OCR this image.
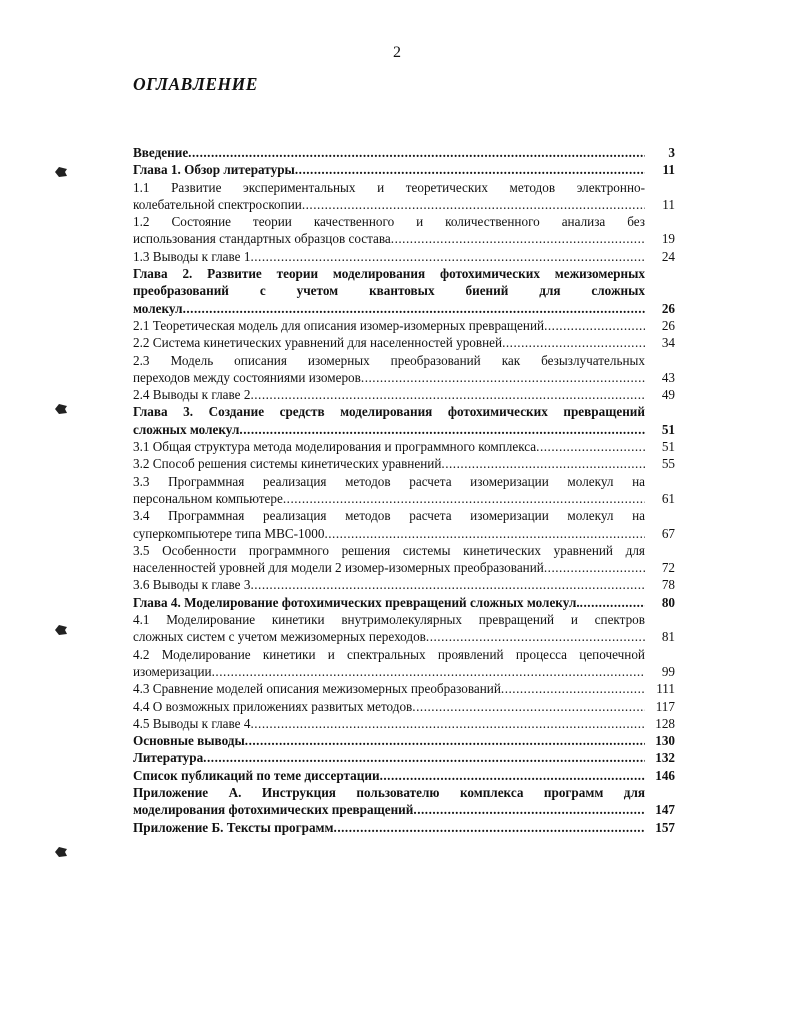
2
ОГЛАВЛЕНИЕ
Введение .....	3
Глава 1. Обзор литературы .....	11
1.1 Развитие экспериментальных и теоретических методов электронно-
колебательной спектроскопии .....	11
1.2 Состояние теории качественного и количественного анализа без
использования стандартных образцов состава .....	19
1.3 Выводы к главе 1 .....	24
Глава 2. Развитие теории моделирования фотохимических межизомерных
преобразований с учетом квантовых биений для сложных
молекул .....	26
2.1 Теоретическая модель для описания изомер-изомерных превращений .....	26
2.2 Система кинетических уравнений для населенностей уровней .....	34
2.3 Модель описания изомерных преобразований как безызлучательных
переходов между состояниями изомеров .....	43
2.4 Выводы к главе 2 .....	49
Глава 3. Создание средств моделирования фотохимических превращений
сложных молекул .....	51
3.1 Общая структура метода моделирования и программного комплекса .....	51
3.2 Способ решения системы кинетических уравнений .....	55
3.3 Программная реализация методов расчета изомеризации молекул на
персональном компьютере .....	61
3.4 Программная реализация методов расчета изомеризации молекул на
суперкомпьютере типа МВС-1000 .....	67
3.5 Особенности программного решения системы кинетических уравнений для
населенностей уровней для модели 2 изомер-изомерных преобразований .....	72
3.6 Выводы к главе 3 .....	78
Глава 4. Моделирование фотохимических превращений сложных молекул. .....	80
4.1 Моделирование кинетики внутримолекулярных превращений и спектров
сложных систем с учетом межизомерных переходов .....	81
4.2 Моделирование кинетики и спектральных проявлений процесса цепочечной
изомеризации .....	99
4.3 Сравнение моделей описания межизомерных преобразований .....	111
4.4 О возможных приложениях развитых методов .....	117
4.5 Выводы к главе 4 .....	128
Основные выводы .....	130
Литература .....	132
Список публикаций по теме диссертации .....	146
Приложение А. Инструкция пользователю комплекса программ для
моделирования фотохимических превращений .....	147
Приложение Б. Тексты программ .....	157
